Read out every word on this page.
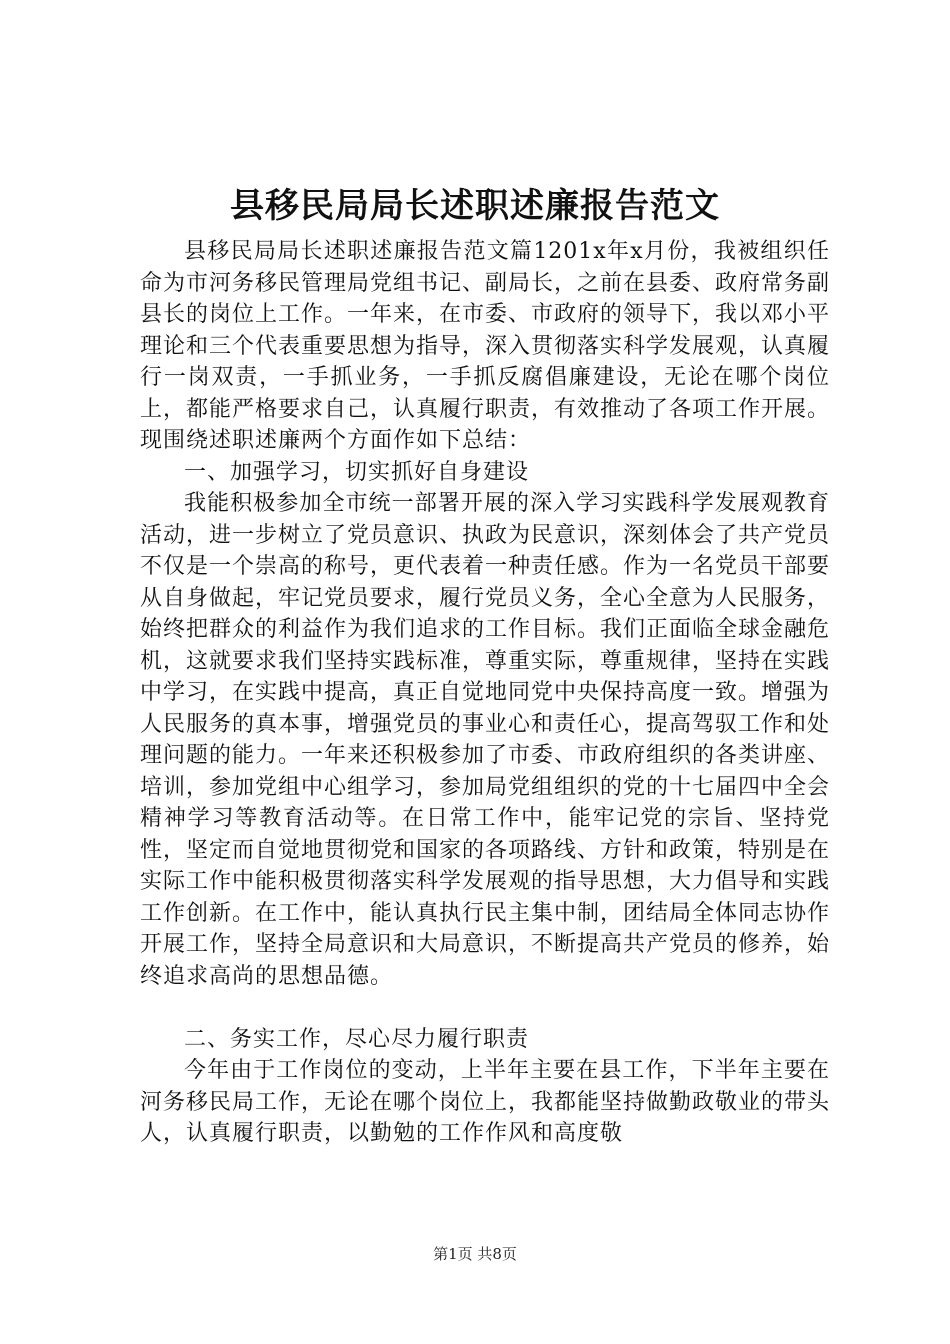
县移民局局长述职述廉报告范文

县移民局局长述职述廉报告范文篇1201x年x月份，我被组织任命为市河务移民管理局党组书记、副局长，之前在县委、政府常务副县长的岗位上工作。一年来，在市委、市政府的领导下，我以邓小平理论和三个代表重要思想为指导，深入贯彻落实科学发展观，认真履行一岗双责，一手抓业务，一手抓反腐倡廉建设，无论在哪个岗位上，都能严格要求自己，认真履行职责，有效推动了各项工作开展。现围绕述职述廉两个方面作如下总结：

一、加强学习，切实抓好自身建设

我能积极参加全市统一部署开展的深入学习实践科学发展观教育活动，进一步树立了党员意识、执政为民意识，深刻体会了共产党员不仅是一个崇高的称号，更代表着一种责任感。作为一名党员干部要从自身做起，牢记党员要求，履行党员义务，全心全意为人民服务，始终把群众的利益作为我们追求的工作目标。我们正面临全球金融危机，这就要求我们坚持实践标准，尊重实际，尊重规律，坚持在实践中学习，在实践中提高，真正自觉地同党中央保持高度一致。增强为人民服务的真本事，增强党员的事业心和责任心，提高驾驭工作和处理问题的能力。一年来还积极参加了市委、市政府组织的各类讲座、培训，参加党组中心组学习，参加局党组组织的党的十七届四中全会精神学习等教育活动等。在日常工作中，能牢记党的宗旨、坚持党性，坚定而自觉地贯彻党和国家的各项路线、方针和政策，特别是在实际工作中能积极贯彻落实科学发展观的指导思想，大力倡导和实践工作创新。在工作中，能认真执行民主集中制，团结局全体同志协作开展工作，坚持全局意识和大局意识，不断提高共产党员的修养，始终追求高尚的思想品德。

二、务实工作，尽心尽力履行职责

今年由于工作岗位的变动，上半年主要在县工作，下半年主要在河务移民局工作，无论在哪个岗位上，我都能坚持做勤政敬业的带头人，认真履行职责，以勤勉的工作作风和高度敬

第1页 共8页
